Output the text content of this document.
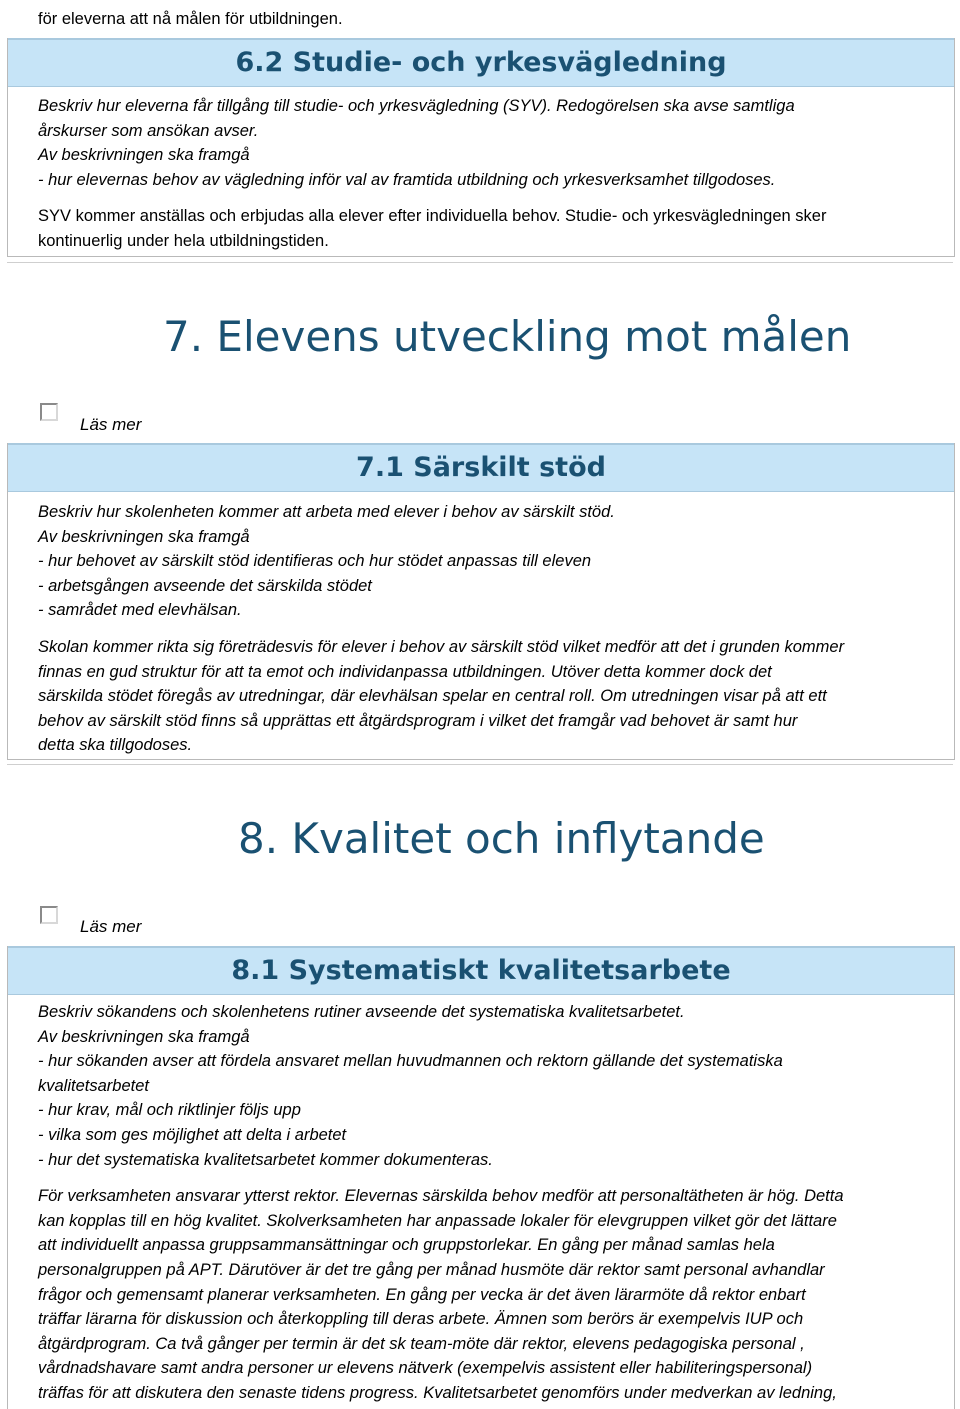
för eleverna att nå målen för utbildningen.
6.2 Studie- och yrkesvägledning
Beskriv hur eleverna får tillgång till studie- och yrkesvägledning (SYV). Redogörelsen ska avse samtliga
årskurser som ansökan avser.
Av beskrivningen ska framgå
- hur elevernas behov av vägledning inför val av framtida utbildning och yrkesverksamhet tillgodoses.
SYV kommer anställas och erbjudas alla elever efter individuella behov. Studie- och yrkesvägledningen sker
kontinuerlig under hela utbildningstiden.
7. Elevens utveckling mot målen
Läs mer
7.1 Särskilt stöd
Beskriv hur skolenheten kommer att arbeta med elever i behov av särskilt stöd.
Av beskrivningen ska framgå
- hur behovet av särskilt stöd identifieras och hur stödet anpassas till eleven
- arbetsgången avseende det särskilda stödet
- samrådet med elevhälsan.
Skolan kommer rikta sig företrädesvis för elever i behov av särskilt stöd vilket medför att det i grunden kommer
finnas en gud struktur för att ta emot och individanpassa utbildningen. Utöver detta kommer dock det
särskilda stödet föregås av utredningar, där elevhälsan spelar en central roll. Om utredningen visar på att ett
behov av särskilt stöd finns så upprättas ett åtgärdsprogram i vilket det framgår vad behovet är samt hur
detta ska tillgodoses.
8. Kvalitet och inflytande
Läs mer
8.1 Systematiskt kvalitetsarbete
Beskriv sökandens och skolenhetens rutiner avseende det systematiska kvalitetsarbetet.
Av beskrivningen ska framgå
- hur sökanden avser att fördela ansvaret mellan huvudmannen och rektorn gällande det systematiska
kvalitetsarbetet
- hur krav, mål och riktlinjer följs upp
- vilka som ges möjlighet att delta i arbetet
- hur det systematiska kvalitetsarbetet kommer dokumenteras.
För verksamheten ansvarar ytterst rektor. Elevernas särskilda behov medför att personaltätheten är hög. Detta
kan kopplas till en hög kvalitet. Skolverksamheten har anpassade lokaler för elevgruppen vilket gör det lättare
att individuellt anpassa gruppsammansättningar och gruppstorlekar. En gång per månad samlas hela
personalgruppen på APT. Därutöver är det tre gång per månad husmöte där rektor samt personal avhandlar
frågor och gemensamt planerar verksamheten. En gång per vecka är det även lärarmöte då rektor enbart
träffar lärarna för diskussion och återkoppling till deras arbete. Ämnen som berörs är exempelvis IUP och
åtgärdprogram. Ca två gånger per termin är det sk team-möte där rektor, elevens pedagogiska personal ,
vårdnadshavare samt andra personer ur elevens nätverk (exempelvis assistent eller habiliteringspersonal)
träffas för att diskutera den senaste tidens progress. Kvalitetsarbetet genomförs under medverkan av ledning,
